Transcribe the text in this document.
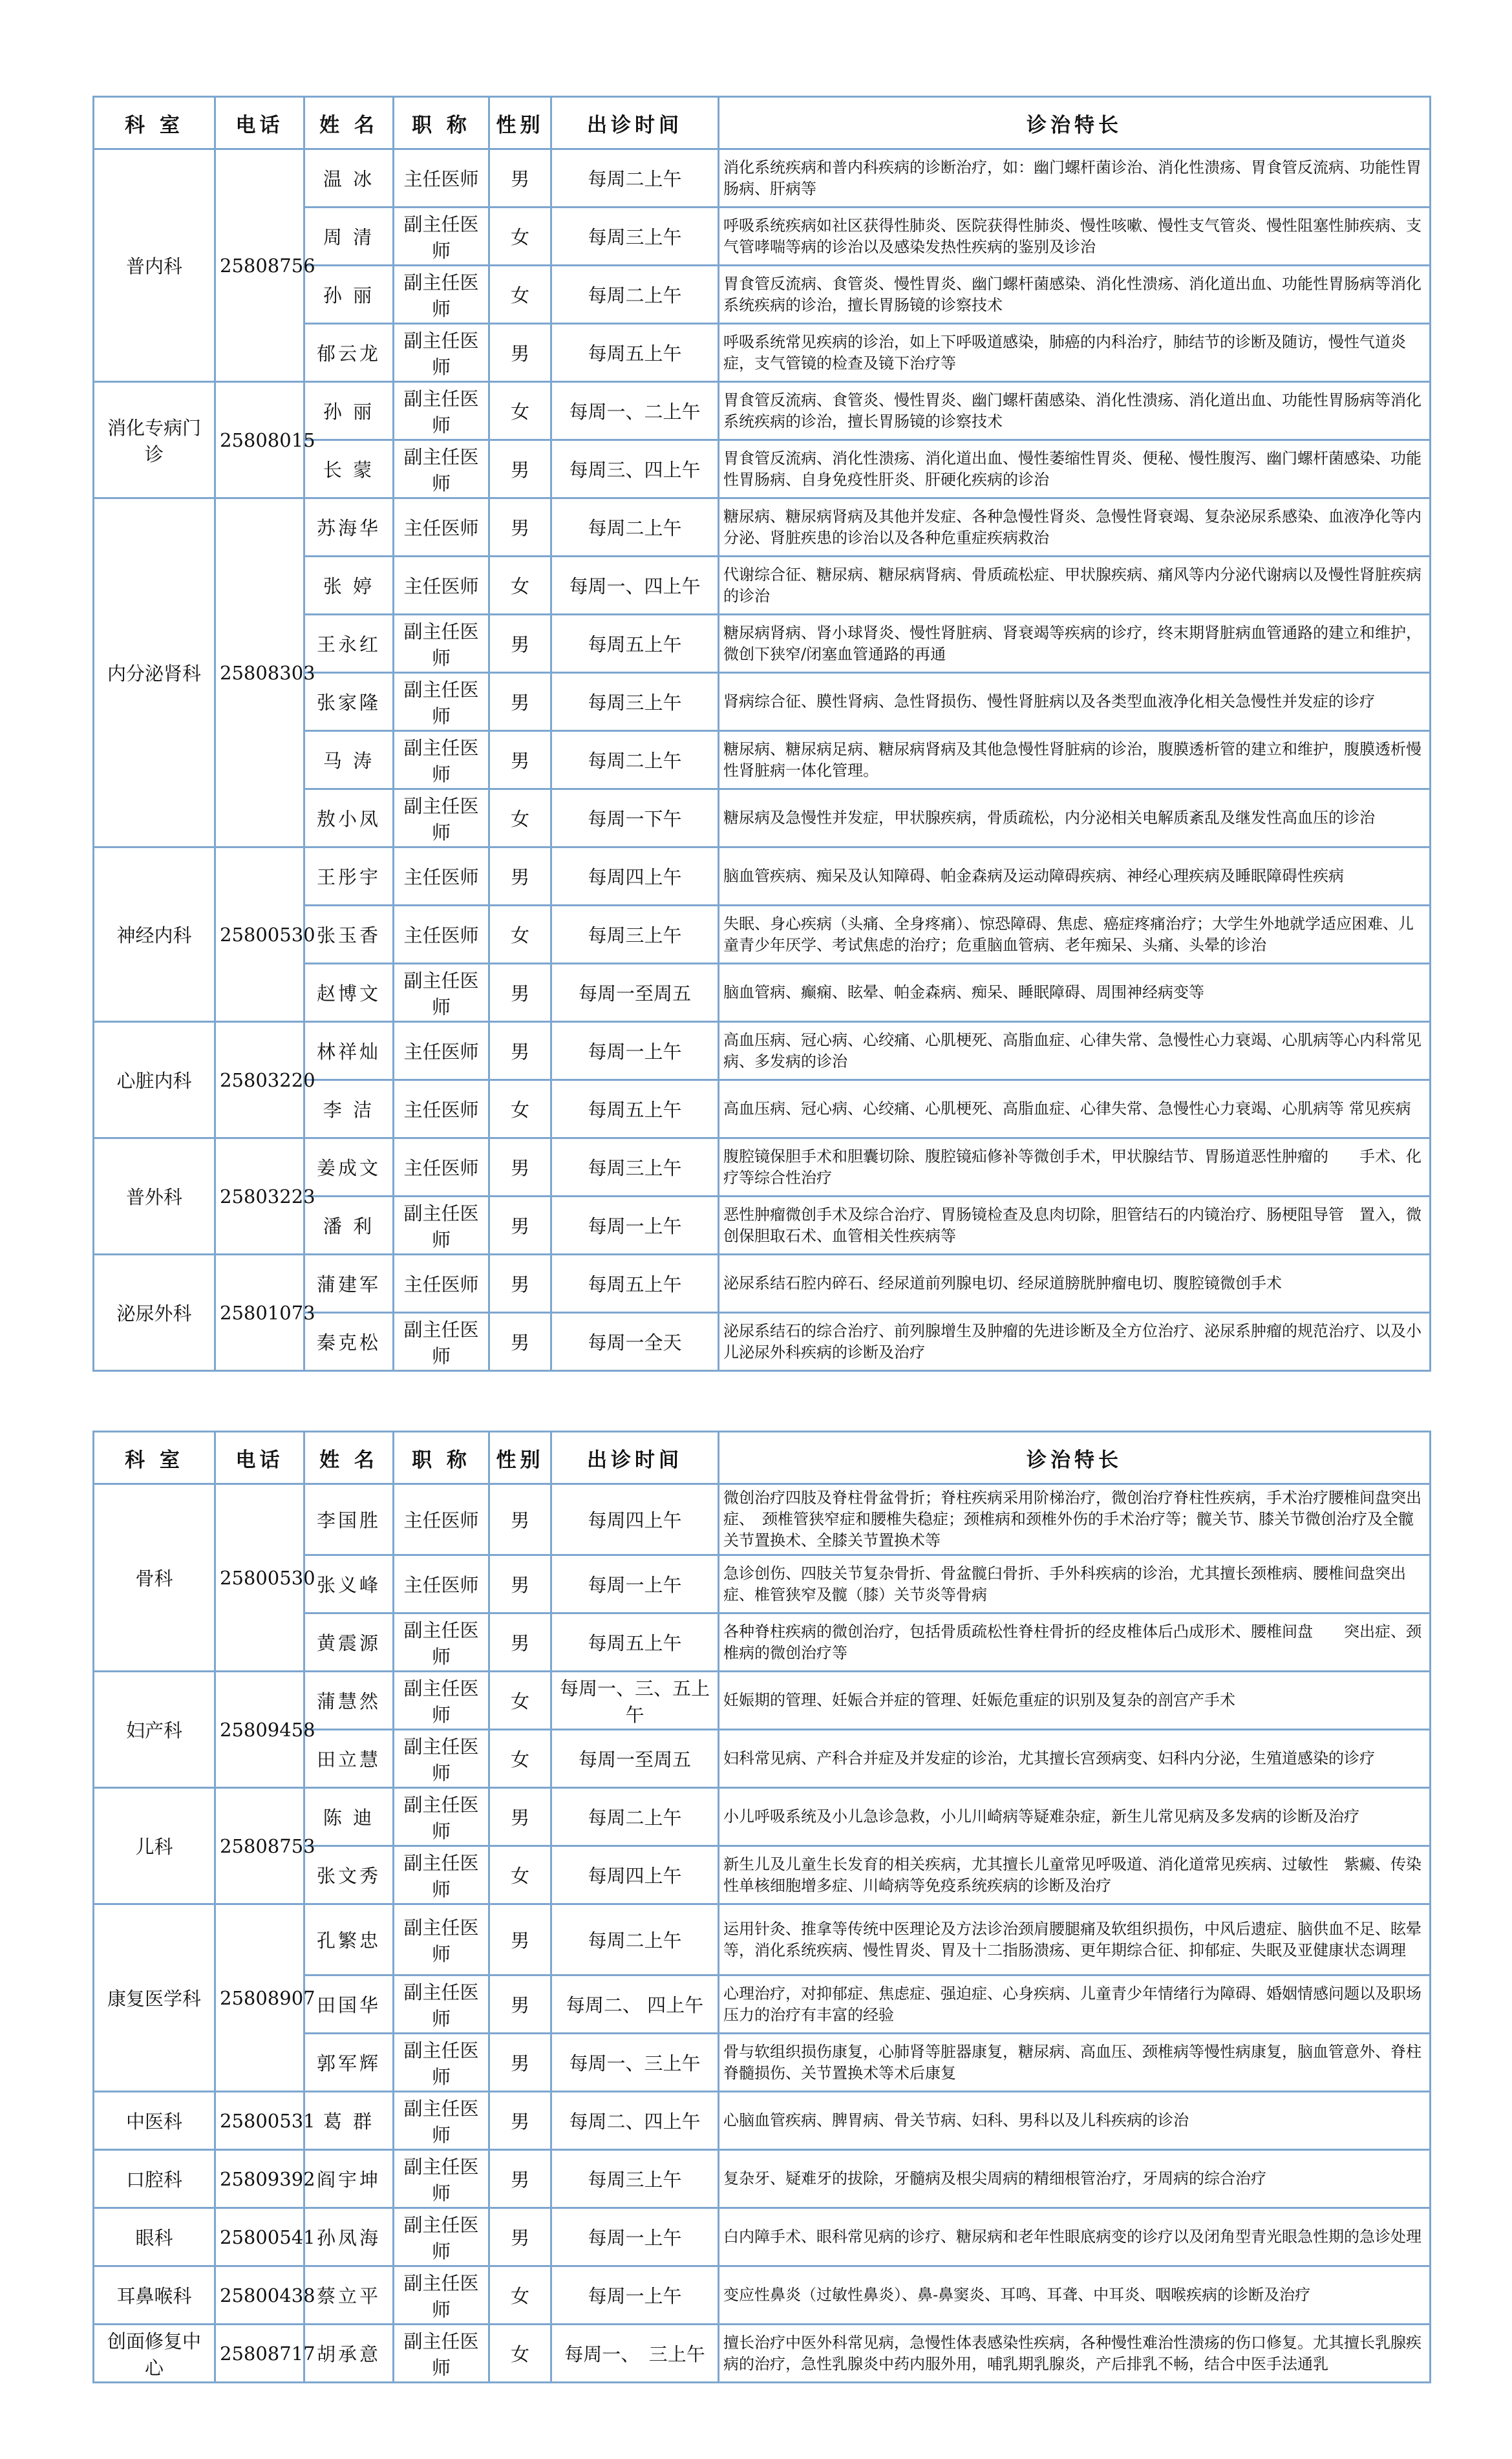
科 室	电话	姓 名	职 称	性别	出诊时间	诊治特长
普内科	25808756	温 冰	主任医师	男	每周二上午	消化系统疾病和普内科疾病的诊断治疗，如：幽门螺杆菌诊治、消化性溃疡、胃食管反流病、功能性胃肠病、肝病等
		周 清	副主任医师	女	每周三上午	呼吸系统疾病如社区获得性肺炎、医院获得性肺炎、慢性咳嗽、慢性支气管炎、慢性阻塞性肺疾病、支气管哮喘等病的诊治以及感染发热性疾病的鉴别及诊治
		孙 丽	副主任医师	女	每周二上午	胃食管反流病、食管炎、慢性胃炎、幽门螺杆菌感染、消化性溃疡、消化道出血、功能性胃肠病等消化系统疾病的诊治，擅长胃肠镜的诊察技术
		郁云龙	副主任医师	男	每周五上午	呼吸系统常见疾病的诊治，如上下呼吸道感染，肺癌的内科治疗，肺结节的诊断及随访，慢性气道炎症，支气管镜的检查及镜下治疗等
消化专病门诊	25808015	孙 丽	副主任医师	女	每周一、二上午	胃食管反流病、食管炎、慢性胃炎、幽门螺杆菌感染、消化性溃疡、消化道出血、功能性胃肠病等消化系统疾病的诊治，擅长胃肠镜的诊察技术
		长 蒙	副主任医师	男	每周三、四上午	胃食管反流病、消化性溃疡、消化道出血、慢性萎缩性胃炎、便秘、慢性腹泻、幽门螺杆菌感染、功能性胃肠病、自身免疫性肝炎、肝硬化疾病的诊治
内分泌肾科	25808303	苏海华	主任医师	男	每周二上午	糖尿病、糖尿病肾病及其他并发症、各种急慢性肾炎、急慢性肾衰竭、复杂泌尿系感染、血液净化等内分泌、肾脏疾患的诊治以及各种危重症疾病救治
		张 婷	主任医师	女	每周一、四上午	代谢综合征、糖尿病、糖尿病肾病、骨质疏松症、甲状腺疾病、痛风等内分泌代谢病以及慢性肾脏疾病的诊治
		王永红	副主任医师	男	每周五上午	糖尿病肾病、肾小球肾炎、慢性肾脏病、肾衰竭等疾病的诊疗，终末期肾脏病血管通路的建立和维护，微创下狭窄/闭塞血管通路的再通
		张家隆	副主任医师	男	每周三上午	肾病综合征、膜性肾病、急性肾损伤、慢性肾脏病以及各类型血液净化相关急慢性并发症的诊疗
		马 涛	副主任医师	男	每周二上午	糖尿病、糖尿病足病、糖尿病肾病及其他急慢性肾脏病的诊治，腹膜透析管的建立和维护，腹膜透析慢性肾脏病一体化管理。
		敖小凤	副主任医师	女	每周一下午	糖尿病及急慢性并发症，甲状腺疾病，骨质疏松，内分泌相关电解质紊乱及继发性高血压的诊治
神经内科	25800530	王彤宇	主任医师	男	每周四上午	脑血管疾病、痴呆及认知障碍、帕金森病及运动障碍疾病、神经心理疾病及睡眠障碍性疾病
		张玉香	主任医师	女	每周三上午	失眠、身心疾病（头痛、全身疼痛）、惊恐障碍、焦虑、癌症疼痛治疗；大学生外地就学适应困难、儿童青少年厌学、考试焦虑的治疗；危重脑血管病、老年痴呆、头痛、头晕的诊治
		赵博文	副主任医师	男	每周一至周五	脑血管病、癫痫、眩晕、帕金森病、痴呆、睡眠障碍、周围神经病变等
心脏内科	25803220	林祥灿	主任医师	男	每周一上午	高血压病、冠心病、心绞痛、心肌梗死、高脂血症、心律失常、急慢性心力衰竭、心肌病等心内科常见病、多发病的诊治
		李 洁	主任医师	女	每周五上午	高血压病、冠心病、心绞痛、心肌梗死、高脂血症、心律失常、急慢性心力衰竭、心肌病等 常见疾病
普外科	25803223	姜成文	主任医师	男	每周三上午	腹腔镜保胆手术和胆囊切除、腹腔镜疝修补等微创手术，甲状腺结节、胃肠道恶性肿瘤的　　手术、化疗等综合性治疗
		潘 利	副主任医师	男	每周一上午	恶性肿瘤微创手术及综合治疗、胃肠镜检查及息肉切除，胆管结石的内镜治疗、肠梗阻导管　置入，微创保胆取石术、血管相关性疾病等
泌尿外科	25801073	蒲建军	主任医师	男	每周五上午	泌尿系结石腔内碎石、经尿道前列腺电切、经尿道膀胱肿瘤电切、腹腔镜微创手术
		秦克松	副主任医师	男	每周一全天	泌尿系结石的综合治疗、前列腺增生及肿瘤的先进诊断及全方位治疗、泌尿系肿瘤的规范治疗、以及小儿泌尿外科疾病的诊断及治疗
科 室	电话	姓 名	职 称	性别	出诊时间	诊治特长
骨科	25800530	李国胜	主任医师	男	每周四上午	微创治疗四肢及脊柱骨盆骨折；脊柱疾病采用阶梯治疗，微创治疗脊柱性疾病，手术治疗腰椎间盘突出症、　颈椎管狭窄症和腰椎失稳症；颈椎病和颈椎外伤的手术治疗等；髋关节、膝关节微创治疗及全髋关节置换术、全膝关节置换术等
		张义峰	主任医师	男	每周一上午	急诊创伤、四肢关节复杂骨折、骨盆髋臼骨折、手外科疾病的诊治，尤其擅长颈椎病、腰椎间盘突出症、椎管狭窄及髋（膝）关节炎等骨病
		黄震源	副主任医师	男	每周五上午	各种脊柱疾病的微创治疗，包括骨质疏松性脊柱骨折的经皮椎体后凸成形术、腰椎间盘　　突出症、颈椎病的微创治疗等
妇产科	25809458	蒲慧然	副主任医师	女	每周一、三、五上午	妊娠期的管理、妊娠合并症的管理、妊娠危重症的识别及复杂的剖宫产手术
		田立慧	副主任医师	女	每周一至周五	妇科常见病、产科合并症及并发症的诊治，尤其擅长宫颈病变、妇科内分泌，生殖道感染的诊疗
儿科	25808753	陈 迪	副主任医师	男	每周二上午	小儿呼吸系统及小儿急诊急救，小儿川崎病等疑难杂症，新生儿常见病及多发病的诊断及治疗
		张文秀	副主任医师	女	每周四上午	新生儿及儿童生长发育的相关疾病，尤其擅长儿童常见呼吸道、消化道常见疾病、过敏性　紫癜、传染性单核细胞增多症、川崎病等免疫系统疾病的诊断及治疗
康复医学科	25808907	孔繁忠	副主任医师	男	每周二上午	运用针灸、推拿等传统中医理论及方法诊治颈肩腰腿痛及软组织损伤，中风后遗症、脑供血不足、眩晕等，消化系统疾病、慢性胃炎、胃及十二指肠溃疡、更年期综合征、抑郁症、失眠及亚健康状态调理
		田国华	副主任医师	男	每周二、 四上午	心理治疗，对抑郁症、焦虑症、强迫症、心身疾病、儿童青少年情绪行为障碍、婚姻情感问题以及职场压力的治疗有丰富的经验
		郭军辉	副主任医师	男	每周一、三上午	骨与软组织损伤康复，心肺肾等脏器康复，糖尿病、高血压、颈椎病等慢性病康复，脑血管意外、脊柱脊髓损伤、关节置换术等术后康复
中医科	25800531	葛 群	副主任医师	男	每周二、四上午	心脑血管疾病、脾胃病、骨关节病、妇科、男科以及儿科疾病的诊治
口腔科	25809392	阎宇坤	副主任医师	男	每周三上午	复杂牙、疑难牙的拔除，牙髓病及根尖周病的精细根管治疗，牙周病的综合治疗
眼科	25800541	孙凤海	副主任医师	男	每周一上午	白内障手术、眼科常见病的诊疗、糖尿病和老年性眼底病变的诊疗以及闭角型青光眼急性期的急诊处理
耳鼻喉科	25800438	蔡立平	副主任医师	女	每周一上午	变应性鼻炎（过敏性鼻炎）、鼻-鼻窦炎、耳鸣、耳聋、中耳炎、咽喉疾病的诊断及治疗
创面修复中心	25808717	胡承意	副主任医师	女	每周一、　三上午	擅长治疗中医外科常见病，急慢性体表感染性疾病，各种慢性难治性溃疡的伤口修复。尤其擅长乳腺疾病的治疗，急性乳腺炎中药内服外用，哺乳期乳腺炎，产后排乳不畅，结合中医手法通乳
